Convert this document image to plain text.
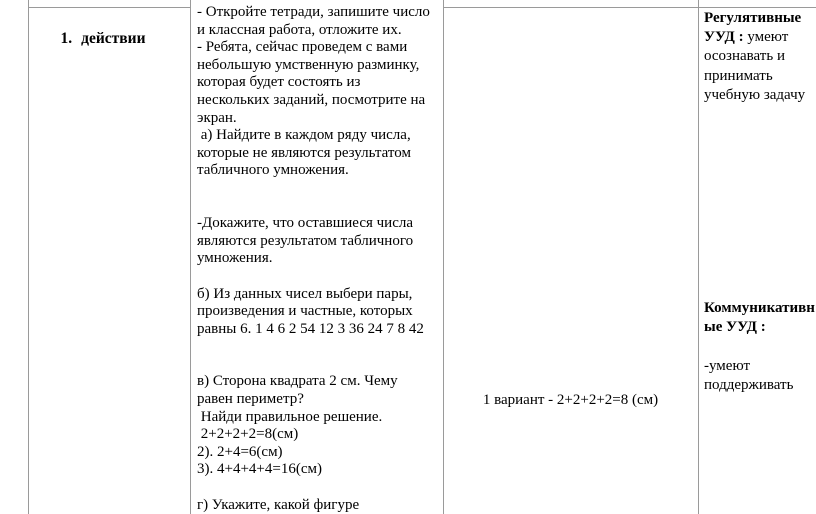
1. действии

- Откройте тетради, запишите число
и классная работа, отложите их.
- Ребята, сейчас проведем с вами
небольшую умственную разминку,
которая будет состоять из
нескольких заданий, посмотрите на
экран.
а) Найдите в каждом ряду числа,
которые не являются результатом
табличного умножения.

-Докажите, что оставшиеся числа
являются результатом табличного
умножения.

б) Из данных чисел выбери пары,
произведения и частные, которых
равны 6. 1 4 6 2 54 12 3 36 24 7 8 42

в) Сторона квадрата 2 см. Чему
равен периметр?
Найди правильное решение.
2+2+2+2=8(см)
2). 2+4=6(см)
3). 4+4+4+4=16(см)

г) Укажите, какой фигуре
1 вариант - 2+2+2+2=8 (см)
Регулятивные
УУД : умеют
осознавать и
принимать
учебную задачу
Коммуникативн
ые УУД :

-умеют
поддерживать
